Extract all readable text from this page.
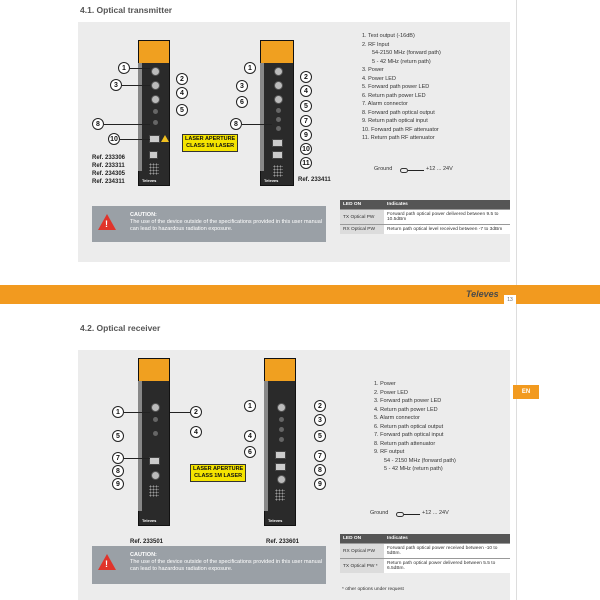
4.1. Optical transmitter
Televes
1
2
3
4
5
8
10
Ref. 233306
Ref. 233311
Ref. 234305
Ref. 234311
LASER APERTURE
CLASS 1M LASER
Televes
1
2
3
4
6
5
7
8
9
10
11
Ref. 233411
1. Test output (-16dB)
2. RF Input
54-2150 MHz (forward path)
5 - 42 MHz (return path)
3. Power
4. Power LED
5. Forward path power LED
6. Return path power LED
7. Alarm connector
8. Forward path optical output
9. Return path optical input
10. Forward path RF attenuator
11. Return path RF attenuator
Ground	+12 ... 24V
!
CAUTION:
The use of the device outside of the specifications provided in this user manual can lead to hazardous radiation exposure.
LED ON	Indicates
TX Optical PW	Forward path optical power delivered between 9.5 to 10.5dBm
RX Optical PW	Return path optical level received between -7 to 3dBm
Televes
13
4.2. Optical receiver
Televes
1	2
5
4
7
8
9
Ref. 233501
Televes
1	2
3
4	5
6
7
8
9
Ref. 233601
LASER APERTURE
CLASS 1M LASER
1. Power
2. Power LED
3. Forward path power LED
4. Return path power LED
5. Alarm connector
6. Return path optical output
7. Forward path optical input
8. Return path attenuator
9. RF output
54 - 2150 MHz (forward path)
5 - 42 MHz (return path)
Ground	+12 ... 24V
!
CAUTION:
The use of the device outside of the specifications provided in this user manual can lead to hazardous radiation exposure.
LED ON	Indicates
RX Optical PW	Forward path optical power received between -10 to 5dBm.
TX Optical PW *	Return path optical power delivered between 5.5 to 6.5dBm.
* other options under request
EN
